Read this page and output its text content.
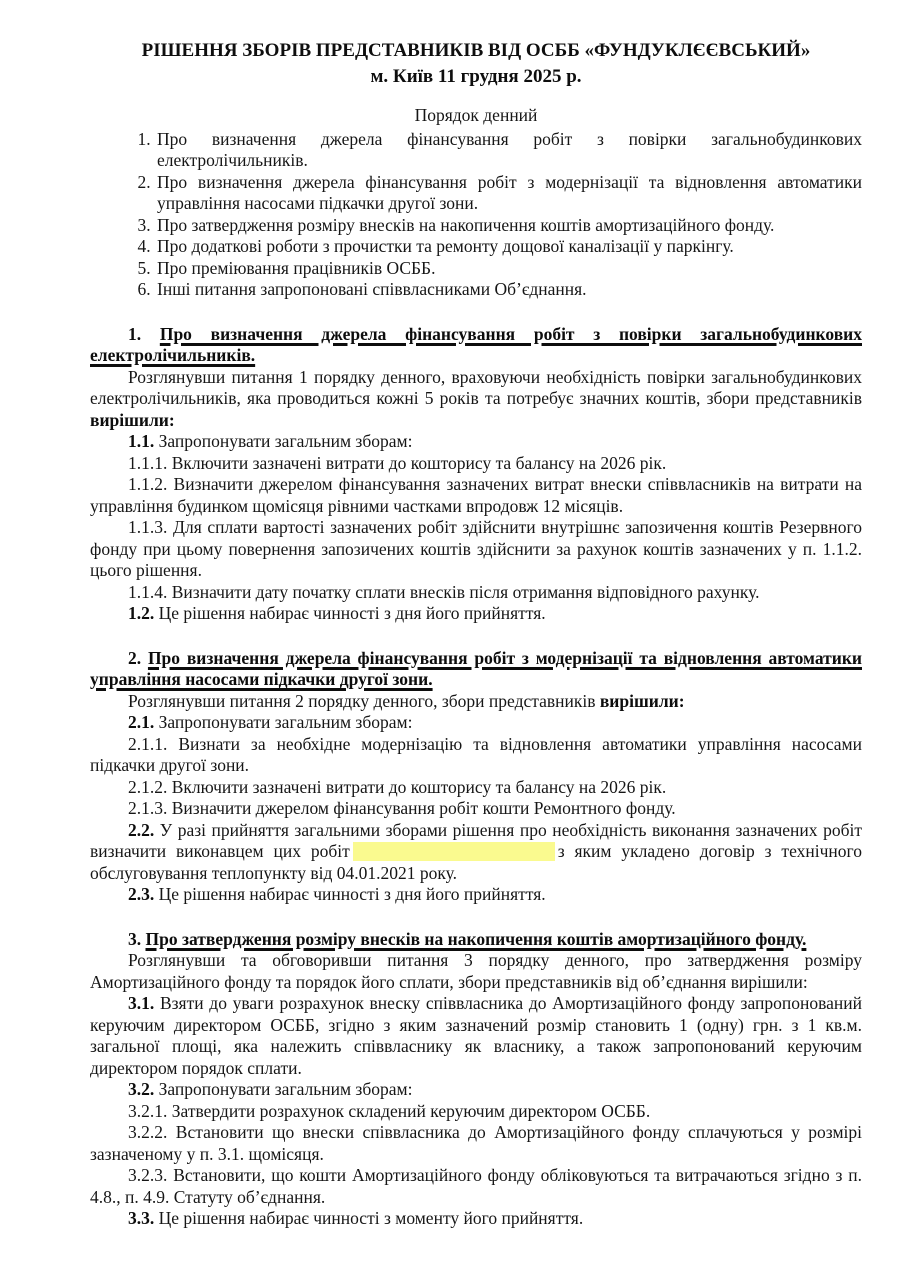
РІШЕННЯ ЗБОРІВ ПРЕДСТАВНИКІВ ВІД ОСББ «ФУНДУКЛЄЄВСЬКИЙ»
м. Київ 11 грудня 2025 р.
Порядок денний
1. Про визначення джерела фінансування робіт з повірки загальнобудинкових електролічильників.
2. Про визначення джерела фінансування робіт з модернізації та відновлення автоматики управління насосами підкачки другої зони.
3. Про затвердження розміру внесків на накопичення коштів амортизаційного фонду.
4. Про додаткові роботи з прочистки та ремонту дощової каналізації у паркінгу.
5. Про преміювання працівників ОСББ.
6. Інші питання запропоновані співвласниками Об’єднання.

1. Про визначення джерела фінансування робіт з повірки загальнобудинкових електролічильників.

Розглянувши питання 1 порядку денного, враховуючи необхідність повірки загальнобудинкових електролічильників, яка проводиться кожні 5 років та потребує значних коштів, збори представників вирішили:

1.1. Запропонувати загальним зборам:

1.1.1. Включити зазначені витрати до кошторису та балансу на 2026 рік.

1.1.2. Визначити джерелом фінансування зазначених витрат внески співвласників на витрати на управління будинком щомісяця рівними частками впродовж 12 місяців.

1.1.3. Для сплати вартості зазначених робіт здійснити внутрішнє запозичення коштів Резервного фонду при цьому повернення запозичених коштів здійснити за рахунок коштів зазначених у п. 1.1.2. цього рішення.

1.1.4. Визначити дату початку сплати внесків після отримання відповідного рахунку.

1.2. Це рішення набирає чинності з дня його прийняття.

2. Про визначення джерела фінансування робіт з модернізації та відновлення автоматики управління насосами підкачки другої зони.

Розглянувши питання 2 порядку денного, збори представників вирішили:

2.1. Запропонувати загальним зборам:

2.1.1. Визнати за необхідне модернізацію та відновлення автоматики управління насосами підкачки другої зони.

2.1.2. Включити зазначені витрати до кошторису та балансу на 2026 рік.

2.1.3. Визначити джерелом фінансування робіт кошти Ремонтного фонду.

2.2. У разі прийняття загальними зборами рішення про необхідність виконання зазначених робіт визначити виконавцем цих робіт	з яким укладено договір з технічного обслуговування теплопункту від 04.01.2021 року.

2.3. Це рішення набирає чинності з дня його прийняття.

3. Про затвердження розміру внесків на накопичення коштів амортизаційного фонду.

Розглянувши та обговоривши питання 3 порядку денного, про затвердження розміру Амортизаційного фонду та порядок його сплати, збори представників від об’єднання вирішили:

3.1. Взяти до уваги розрахунок внеску співвласника до Амортизаційного фонду запропонований керуючим директором ОСББ, згідно з яким зазначений розмір становить 1 (одну) грн. з 1 кв.м. загальної площі, яка належить співвласнику як власнику, а також запропонований керуючим директором порядок сплати.

3.2. Запропонувати загальним зборам:

3.2.1. Затвердити розрахунок складений керуючим директором ОСББ.

3.2.2. Встановити що внески співвласника до Амортизаційного фонду сплачуються у розмірі зазначеному у п. 3.1. щомісяця.

3.2.3. Встановити, що кошти Амортизаційного фонду обліковуються та витрачаються згідно з п. 4.8., п. 4.9. Статуту об’єднання.

3.3. Це рішення набирає чинності з моменту його прийняття.
